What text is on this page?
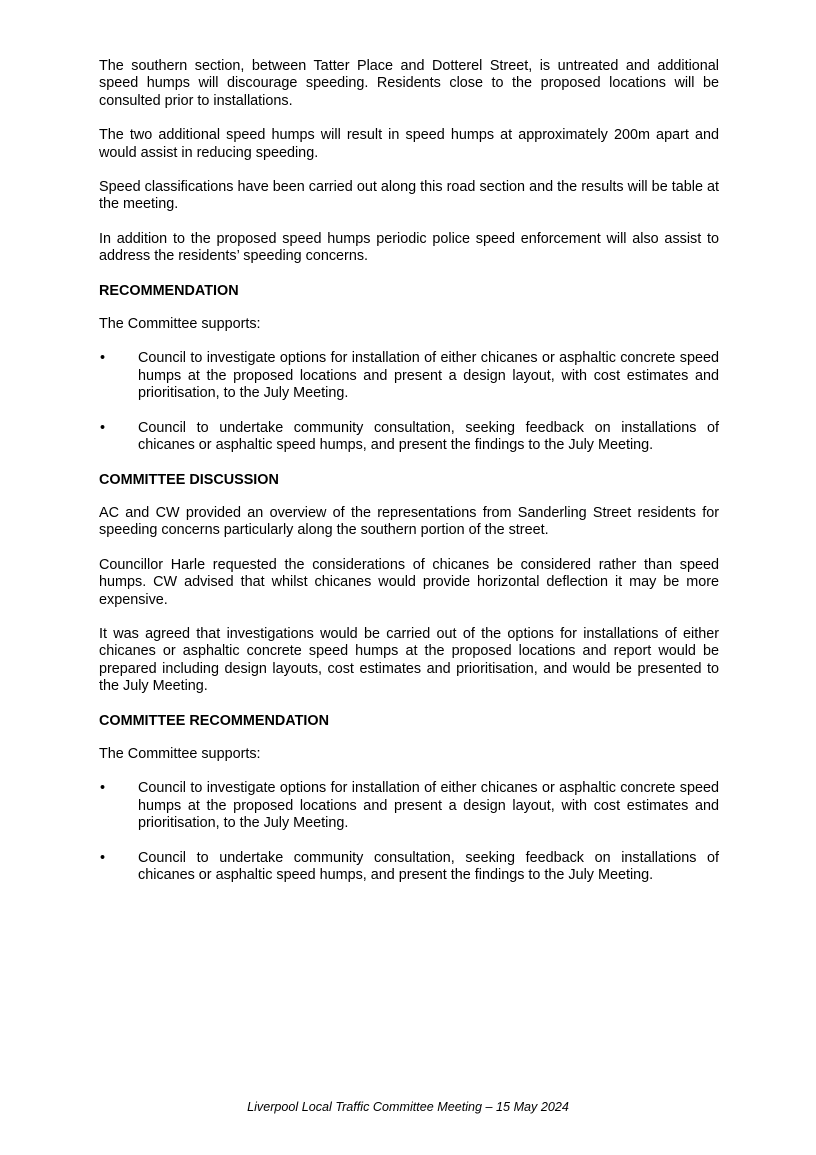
The southern section, between Tatter Place and Dotterel Street, is untreated and additional speed humps will discourage speeding. Residents close to the proposed locations will be consulted prior to installations.

The two additional speed humps will result in speed humps at approximately 200m apart and would assist in reducing speeding.

Speed classifications have been carried out along this road section and the results will be table at the meeting.

In addition to the proposed speed humps periodic police speed enforcement will also assist to address the residents’ speeding concerns.

RECOMMENDATION

The Committee supports:

• Council to investigate options for installation of either chicanes or asphaltic concrete speed humps at the proposed locations and present a design layout, with cost estimates and prioritisation, to the July Meeting.

• Council to undertake community consultation, seeking feedback on installations of chicanes or asphaltic speed humps, and present the findings to the July Meeting.

COMMITTEE DISCUSSION

AC and CW provided an overview of the representations from Sanderling Street residents for speeding concerns particularly along the southern portion of the street.

Councillor Harle requested the considerations of chicanes be considered rather than speed humps. CW advised that whilst chicanes would provide horizontal deflection it may be more expensive.

It was agreed that investigations would be carried out of the options for installations of either chicanes or asphaltic concrete speed humps at the proposed locations and report would be prepared including design layouts, cost estimates and prioritisation, and would be presented to the July Meeting.

COMMITTEE RECOMMENDATION

The Committee supports:

• Council to investigate options for installation of either chicanes or asphaltic concrete speed humps at the proposed locations and present a design layout, with cost estimates and prioritisation, to the July Meeting.

• Council to undertake community consultation, seeking feedback on installations of chicanes or asphaltic speed humps, and present the findings to the July Meeting.

Liverpool Local Traffic Committee Meeting – 15 May 2024
